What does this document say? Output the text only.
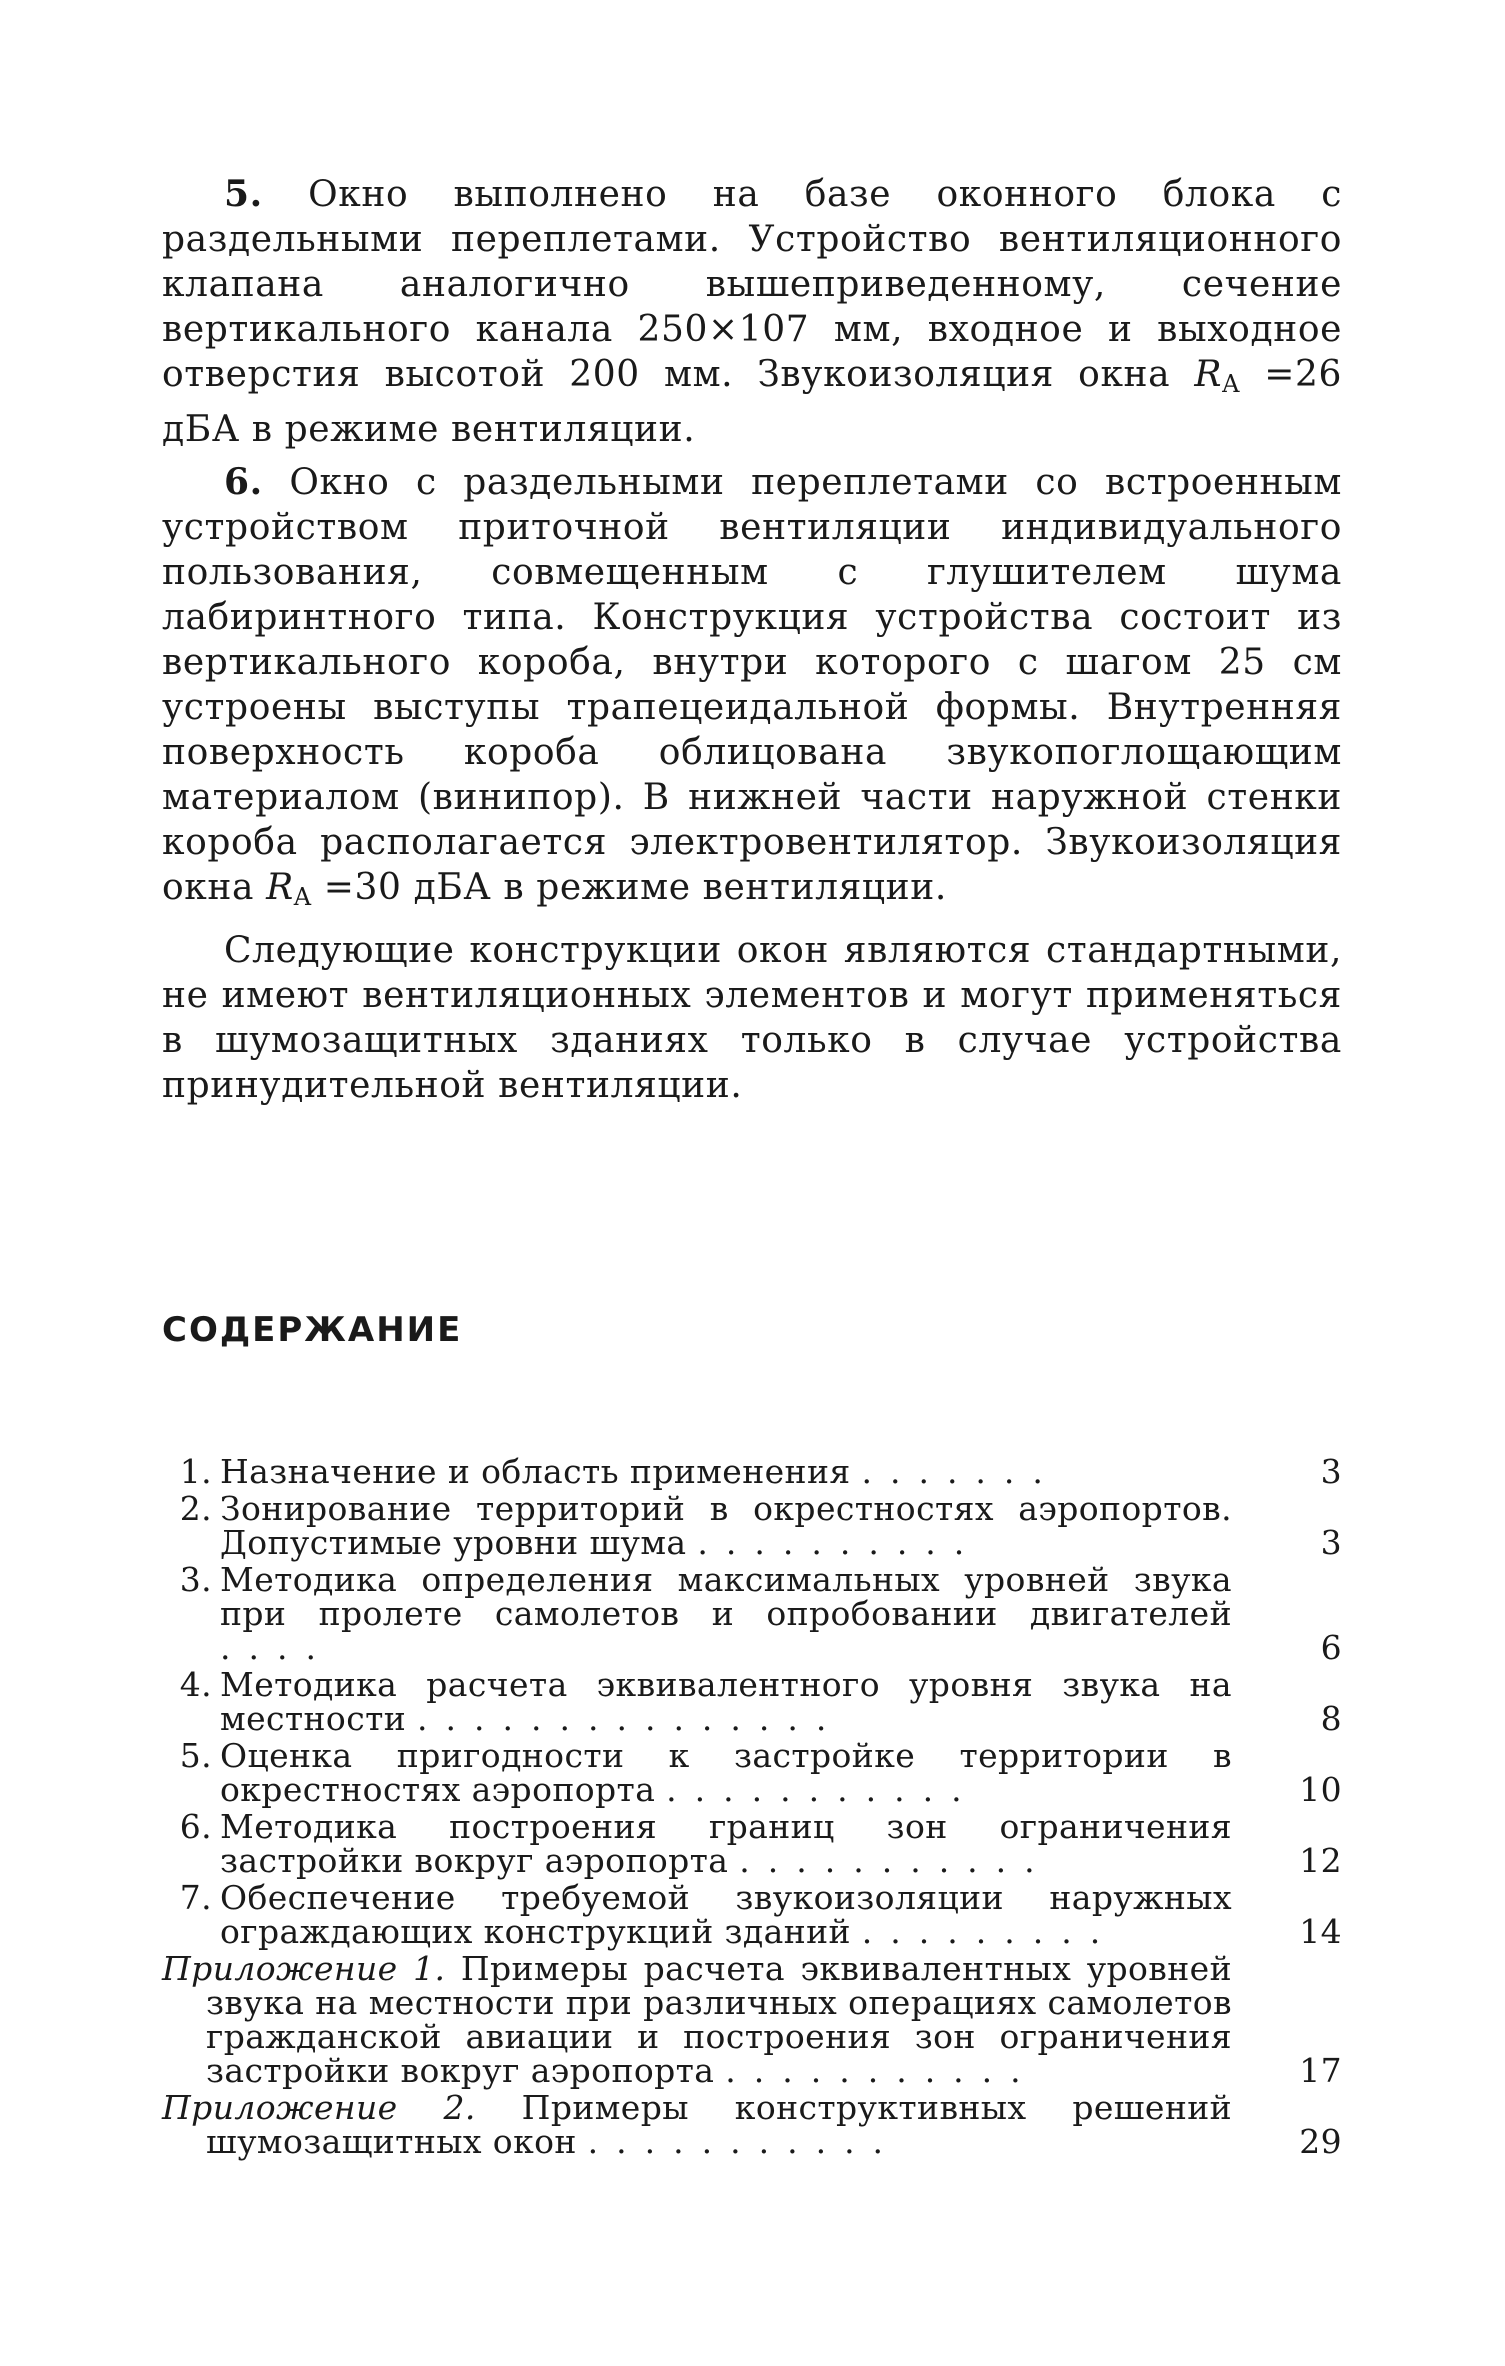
5. Окно выполнено на базе оконного блока с раздельными переплетами. Устройство вентиляционного клапана аналогично вышеприведенному, сечение вертикального канала 250×107 мм, входное и выходное отверстия высотой 200 мм. Звукоизоляция окна $R_A =26$ дБА в режиме вентиляции.

6. Окно с раздельными переплетами со встроенным устройством приточной вентиляции индивидуального пользования, совмещенным с глушителем шума лабиринтного типа. Конструкция устройства состоит из вертикального короба, внутри которого с шагом 25 см устроены выступы трапецеидальной формы. Внутренняя поверхность короба облицована звукопоглощающим материалом (винипор). В нижней части наружной стенки короба располагается электровентилятор. Звукоизоляция окна $R_A =30$ дБА в режиме вентиляции.

Следующие конструкции окон являются стандартными, не имеют вентиляционных элементов и могут применяться в шумозащитных зданиях только в случае устройства принудительной вентиляции.

СОДЕРЖАНИЕ
1. Назначение и область применения .......	3
2. Зонирование территорий в окрестностях аэропортов. Допустимые уровни шума ..........	3
3. Методика определения максимальных уровней звука при пролете самолетов и опробовании двигателей ....	6
4. Методика расчета эквивалентного уровня звука на местности ...............	8
5. Оценка пригодности к застройке территории в окрестностях аэропорта ...........	10
6. Методика построения границ зон ограничения застройки вокруг аэропорта ...........	12
7. Обеспечение требуемой звукоизоляции наружных ограждающих конструкций зданий .........	14
Приложение 1. Примеры расчета эквивалентных уровней звука на местности при различных операциях самолетов гражданской авиации и построения зон ограничения застройки вокруг аэропорта ...........	17
Приложение 2. Примеры конструктивных решений шумозащитных окон ...........	29
